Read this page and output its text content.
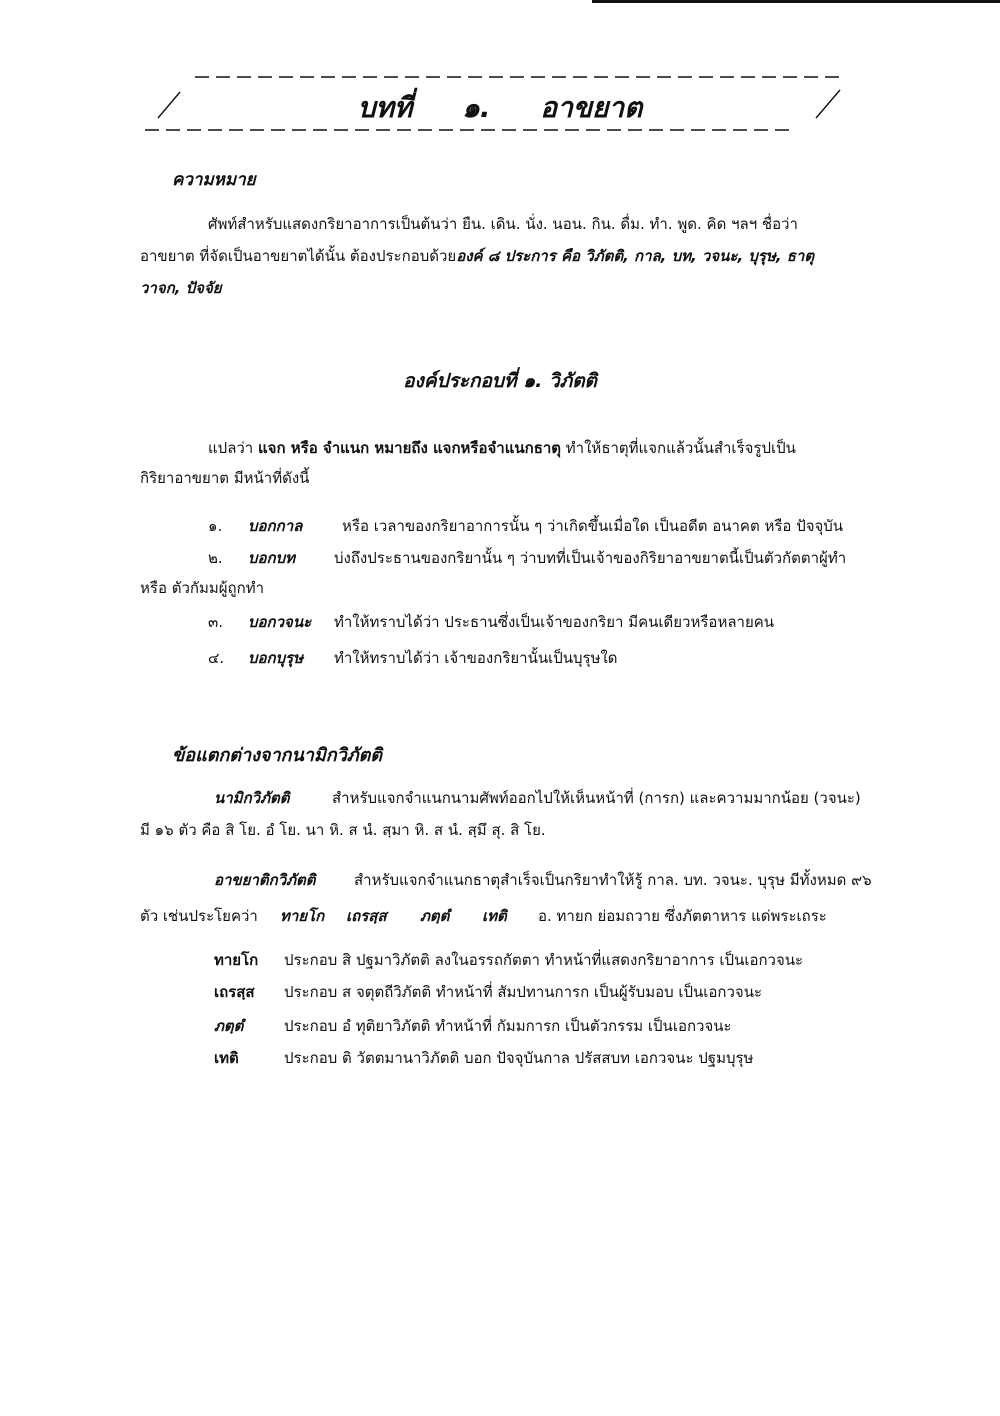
บทที่ ๑. อาขยาต

ความหมาย

ศัพท์สำหรับแสดงกริยาอาการเป็นต้นว่า ยืน. เดิน. นั่ง. นอน. กิน. ดื่ม. ทำ. พูด. คิด ฯลฯ ชื่อว่า

อาขยาต ที่จัดเป็นอาขยาตได้นั้น ต้องประกอบด้วยองค์ ๘ ประการ คือ วิภัตติ, กาล, บท, วจนะ, บุรุษ, ธาตุ

วาจก, ปัจจัย

องค์ประกอบที่ ๑. วิภัตติ

แปลว่า แจก หรือ จำแนก หมายถึง แจกหรือจำแนกธาตุ ทำให้ธาตุที่แจกแล้วนั้นสำเร็จรูปเป็น

กิริยาอาขยาต มีหน้าที่ดังนี้

๑. บอกกาล	หรือ เวลาของกริยาอาการนั้น ๆ ว่าเกิดขึ้นเมื่อใด เป็นอดีต อนาคต หรือ ปัจจุบัน
๒. บอกบท	บ่งถึงประธานของกริยานั้น ๆ ว่าบทที่เป็นเจ้าของกิริยาอาขยาตนี้เป็นตัวกัตตาผู้ทำ

หรือ ตัวกัมมผู้ถูกทำ

๓. บอกวจนะ ทำให้ทราบได้ว่า ประธานซึ่งเป็นเจ้าของกริยา มีคนเดียวหรือหลายคน
๔. บอกบุรุษ ทำให้ทราบได้ว่า เจ้าของกริยานั้นเป็นบุรุษใด

ข้อแตกต่างจากนามิกวิภัตติ

นามิกวิภัตติ	สำหรับแจกจำแนกนามศัพท์ออกไปให้เห็นหน้าที่ (การก) และความมากน้อย (วจนะ)

มี ๑๖ ตัว คือ สิ โย. อํ โย. นา หิ. ส นํ. สฺมา หิ. ส นํ. สฺมึ สุ. สิ โย.

อาขยาติกวิภัตติ	สำหรับแจกจำแนกธาตุสำเร็จเป็นกริยาทำให้รู้ กาล. บท. วจนะ. บุรุษ มีทั้งหมด ๙๖
ตัว เช่นประโยคว่า ทายโก เถรสฺส ภตฺตํ เทติ อ. ทายก ย่อมถวาย ซึ่งภัตตาหาร แด่พระเถระ
ทายโก ประกอบ สิ ปฐมาวิภัตติ ลงในอรรถกัตตา ทำหน้าที่แสดงกริยาอาการ เป็นเอกวจนะ
เถรสฺส ประกอบ ส จตุตถีวิภัตติ ทำหน้าที่ สัมปทานการก เป็นผู้รับมอบ เป็นเอกวจนะ
ภตฺตํ	ประกอบ อํ ทุติยาวิภัตติ ทำหน้าที่ กัมมการก เป็นตัวกรรม เป็นเอกวจนะ
เทติ	ประกอบ ติ วัตตมานาวิภัตติ บอก ปัจจุบันกาล ปรัสสบท เอกวจนะ ปฐมบุรุษ
